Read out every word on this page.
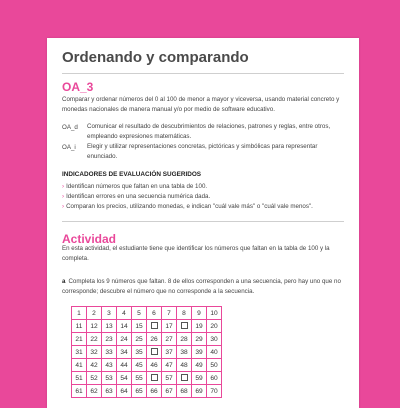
Ordenando y comparando
OA_3
Comparar y ordenar números del 0 al 100 de menor a mayor y viceversa, usando material concreto y monedas nacionales de manera manual y/o por medio de software educativo.
OA_d Comunicar el resultado de descubrimientos de relaciones, patrones y reglas, entre otros, empleando expresiones matemáticas.
OA_i Elegir y utilizar representaciones concretas, pictóricas y simbólicas para representar enunciado.
INDICADORES DE EVALUACIÓN SUGERIDOS
› Identifican números que faltan en una tabla de 100.
› Identifican errores en una secuencia numérica dada.
› Comparan los precios, utilizando monedas, e indican "cuál vale más" o "cuál vale menos".
Actividad
En esta actividad, el estudiante tiene que identificar los números que faltan en la tabla de 100 y la completa.
a Completa los 9 números que faltan. 8 de ellos corresponden a una secuencia, pero hay uno que no corresponde; descubre el número que no corresponde a la secuencia.
1	2	3	4	5	6	7	8	9	10
11	12	13	14	15		17		19	20
21	22	23	24	25	26	27	28	29	30
31	32	33	34	35		37	38	39	40
41	42	43	44	45	46	47	48	49	50
51	52	53	54	55		57		59	60
61	62	63	64	65	66	67	68	69	70
